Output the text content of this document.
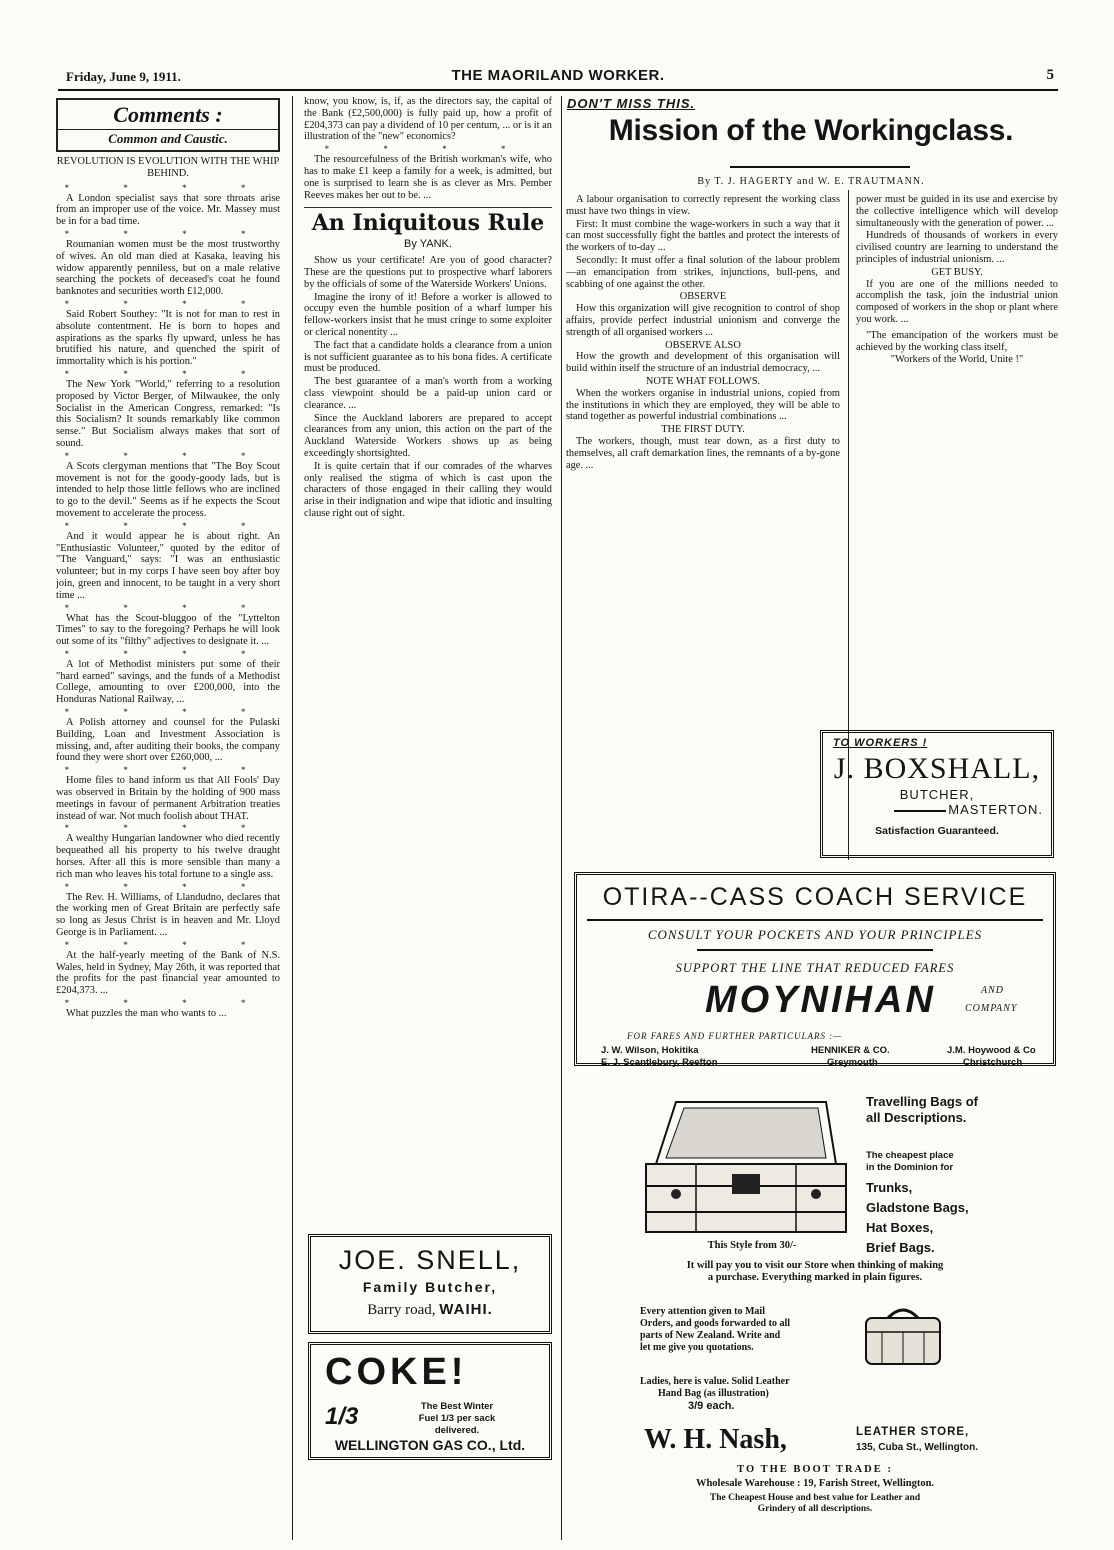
Friday, June 9, 1911.	THE MAORILAND WORKER.	5
Comments :
Common and Caustic.
REVOLUTION IS EVOLUTION WITH THE WHIP BEHIND.
* * * *
A London specialist says that sore throats arise from an improper use of the voice. Mr. Massey must be in for a bad time.
* * * *
Roumanian women must be the most trustworthy of wives. An old man died at Kasaka, leaving his widow apparently penniless, but on a male relative searching the pockets of deceased's coat he found banknotes and securities worth £12,000.
* * * *
Said Robert Southey: "It is not for man to rest in absolute contentment. He is born to hopes and aspirations as the sparks fly upward, unless he has brutified his nature, and quenched the spirit of immortality which is his portion."
* * * *
The New York "World," referring to a resolution proposed by Victor Berger, of Milwaukee, the only Socialist in the American Congress, remarked: "Is this Socialism? It sounds remarkably like common sense." But Socialism always makes that sort of sound.
* * * *
A Scots clergyman mentions that "The Boy Scout movement is not for the goody-goody lads, but is intended to help those little fellows who are inclined to go to the devil." Seems as if he expects the Scout movement to accelerate the process.
* * * *
And it would appear he is about right. An "Enthusiastic Volunteer," quoted by the editor of "The Vanguard," says: "I was an enthusiastic volunteer; but in my corps I have seen boy after boy join, green and innocent, to be taught in a very short time ...
* * * *
What has the Scout-bluggoo of the "Lyttelton Times" to say to the foregoing? Perhaps he will look out some of its "filthy" adjectives to designate it. ...
* * * *
A lot of Methodist ministers put some of their "hard earned" savings, and the funds of a Methodist College, amounting to over £200,000, into the Honduras National Railway, ...
* * * *
A Polish attorney and counsel for the Pulaski Building, Loan and Investment Association is missing, and, after auditing their books, the company found they were short over £260,000, ...
* * * *
Home files to hand inform us that All Fools' Day was observed in Britain by the holding of 900 mass meetings in favour of permanent Arbitration treaties instead of war. Not much foolish about THAT.
* * * *
A wealthy Hungarian landowner who died recently bequeathed all his property to his twelve draught horses. After all this is more sensible than many a rich man who leaves his total fortune to a single ass.
* * * *
The Rev. H. Williams, of Llandudno, declares that the working men of Great Britain are perfectly safe so long as Jesus Christ is in heaven and Mr. Lloyd George is in Parliament. ...
* * * *
At the half-yearly meeting of the Bank of N.S. Wales, held in Sydney, May 26th, it was reported that the profits for the past financial year amounted to £204,373. ...
* * * *
What puzzles the man who wants to ...
know, you know, is, if, as the directors say, the capital of the Bank (£2,500,000) is fully paid up, how a profit of £204,373 can pay a dividend of 10 per centum, ... or is it an illustration of the "new" economics?
* * * *
The resourcefulness of the British workman's wife, who has to make £1 keep a family for a week, is admitted, but one is surprised to learn she is as clever as Mrs. Pember Reeves makes her out to be. ...
An Iniquitous Rule
By YANK.
Show us your certificate! Are you of good character? These are the questions put to prospective wharf laborers by the officials of some of the Waterside Workers' Unions.
Imagine the irony of it! Before a worker is allowed to occupy even the humble position of a wharf lumper his fellow-workers insist that he must cringe to some exploiter or clerical nonentity ...
The fact that a candidate holds a clearance from a union is not sufficient guarantee as to his bona fides. A certificate must be produced.
The best guarantee of a man's worth from a working class viewpoint should be a paid-up union card or clearance. ...
Since the Auckland laborers are prepared to accept clearances from any union, this action on the part of the Auckland Waterside Workers shows up as being exceedingly shortsighted.
It is quite certain that if our comrades of the wharves only realised the stigma of which is cast upon the characters of those engaged in their calling they would arise in their indignation and wipe that idiotic and insulting clause right out of sight.
JOE. SNELL,
Family Butcher,
Barry road, WAIHI.
COKE!
1/3	The Best Winter
Fuel 1/3 per sack
delivered.
WELLINGTON GAS CO., Ltd.
DON'T MISS THIS.
Mission of the Workingclass.
By T. J. HAGERTY and W. E. TRAUTMANN.
A labour organisation to correctly represent the working class must have two things in view.
First: It must combine the wage-workers in such a way that it can most successfully fight the battles and protect the interests of the workers of to-day ...
Secondly: It must offer a final solution of the labour problem—an emancipation from strikes, injunctions, bull-pens, and scabbing of one against the other.
OBSERVE
How this organization will give recognition to control of shop affairs, provide perfect industrial unionism and converge the strength of all organised workers ...
OBSERVE ALSO
How the growth and development of this organisation will build within itself the structure of an industrial democracy, ...
NOTE WHAT FOLLOWS.
When the workers organise in industrial unions, copied from the institutions in which they are employed, they will be able to stand together as powerful industrial combinations ...
THE FIRST DUTY.
The workers, though, must tear down, as a first duty to themselves, all craft demarkation lines, the remnants of a by-gone age. ...
power must be guided in its use and exercise by the collective intelligence which will develop simultaneously with the generation of power. ...
Hundreds of thousands of workers in every civilised country are learning to understand the principles of industrial unionism. ...
GET BUSY.
If you are one of the millions needed to accomplish the task, join the industrial union composed of workers in the shop or plant where you work. ...
"The emancipation of the workers must be achieved by the working class itself,
"Workers of the World, Unite !"
TO WORKERS !
J. BOXSHALL,
BUTCHER,
MASTERTON.
Satisfaction Guaranteed.
OTIRA--CASS COACH SERVICE
CONSULT YOUR POCKETS AND YOUR PRINCIPLES
SUPPORT THE LINE THAT REDUCED FARES
MOYNIHAN	AND
COMPANY
FOR FARES AND FURTHER PARTICULARS :—
J. W. Wilson, Hokitika
E. J. Scantlebury, Reefton
HENNIKER & CO.
Greymouth
J.M. Hoywood & Co
Christchurch
Travelling Bags of
all Descriptions.
The cheapest place
in the Dominion for
Trunks,
Gladstone Bags,
Hat Boxes,
Brief Bags.
This Style from 30/-
It will pay you to visit our Store when thinking of making
a purchase. Everything marked in plain figures.
Every attention given to Mail
Orders, and goods forwarded to all
parts of New Zealand. Write and
let me give you quotations.
Ladies, here is value. Solid Leather
Hand Bag (as illustration)
3/9 each.
W. H. Nash,	LEATHER STORE,
135, Cuba St., Wellington.
TO THE BOOT TRADE :
Wholesale Warehouse : 19, Farish Street, Wellington.
The Cheapest House and best value for Leather and
Grindery of all descriptions.
